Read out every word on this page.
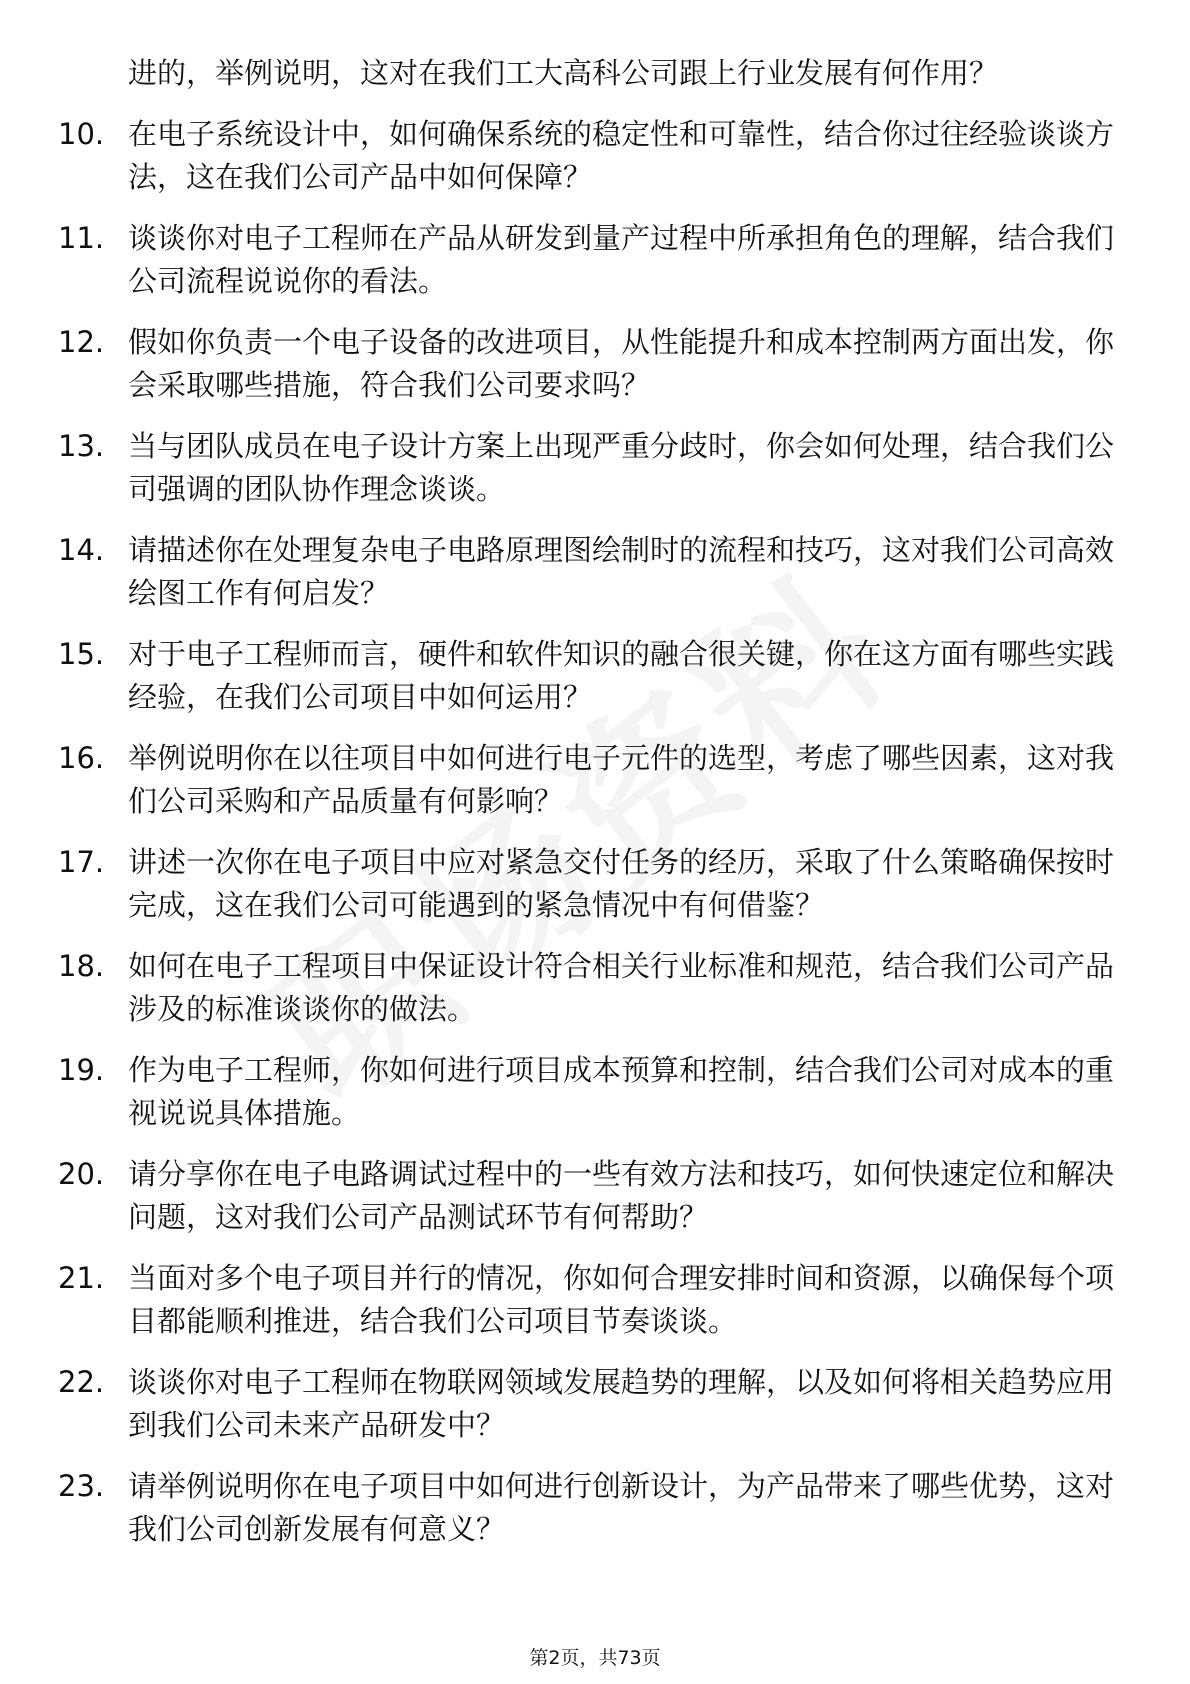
进的，举例说明，这对在我们工大高科公司跟上行业发展有何作用？
10. 在电子系统设计中，如何确保系统的稳定性和可靠性，结合你过往经验谈谈方法，这在我们公司产品中如何保障？
11. 谈谈你对电子工程师在产品从研发到量产过程中所承担角色的理解，结合我们公司流程说说你的看法。
12. 假如你负责一个电子设备的改进项目，从性能提升和成本控制两方面出发，你会采取哪些措施，符合我们公司要求吗？
13. 当与团队成员在电子设计方案上出现严重分歧时，你会如何处理，结合我们公司强调的团队协作理念谈谈。
14. 请描述你在处理复杂电子电路原理图绘制时的流程和技巧，这对我们公司高效绘图工作有何启发？
15. 对于电子工程师而言，硬件和软件知识的融合很关键，你在这方面有哪些实践经验，在我们公司项目中如何运用？
16. 举例说明你在以往项目中如何进行电子元件的选型，考虑了哪些因素，这对我们公司采购和产品质量有何影响？
17. 讲述一次你在电子项目中应对紧急交付任务的经历，采取了什么策略确保按时完成，这在我们公司可能遇到的紧急情况中有何借鉴？
18. 如何在电子工程项目中保证设计符合相关行业标准和规范，结合我们公司产品涉及的标准谈谈你的做法。
19. 作为电子工程师，你如何进行项目成本预算和控制，结合我们公司对成本的重视说说具体措施。
20. 请分享你在电子电路调试过程中的一些有效方法和技巧，如何快速定位和解决问题，这对我们公司产品测试环节有何帮助？
21. 当面对多个电子项目并行的情况，你如何合理安排时间和资源，以确保每个项目都能顺利推进，结合我们公司项目节奏谈谈。
22. 谈谈你对电子工程师在物联网领域发展趋势的理解，以及如何将相关趋势应用到我们公司未来产品研发中？
23. 请举例说明你在电子项目中如何进行创新设计，为产品带来了哪些优势，这对我们公司创新发展有何意义？
第2页，共73页
